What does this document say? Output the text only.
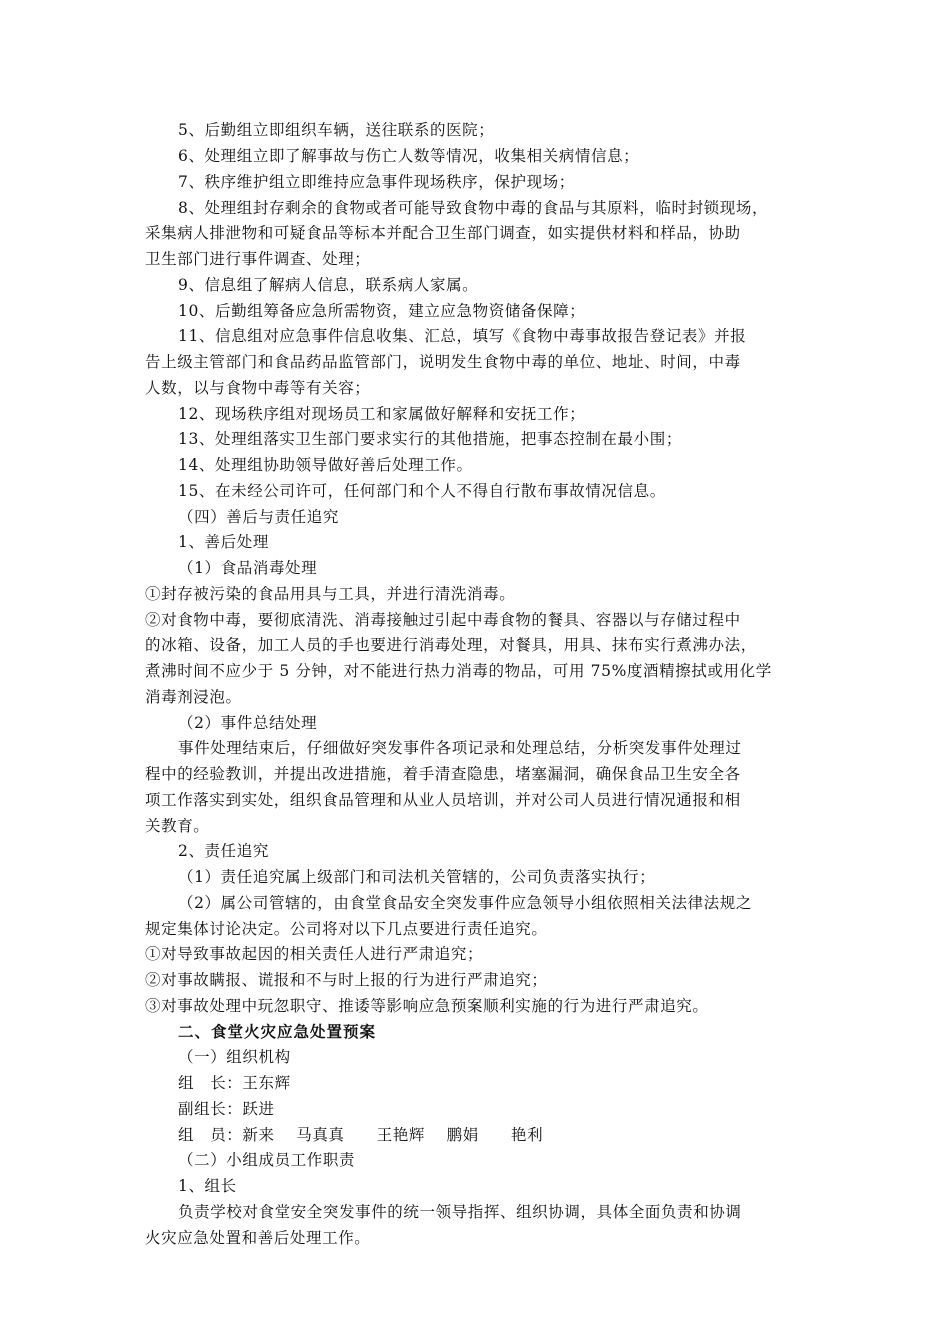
5、后勤组立即组织车辆，送往联系的医院；
6、处理组立即了解事故与伤亡人数等情况，收集相关病情信息；
7、秩序维护组立即维持应急事件现场秩序，保护现场；
8、处理组封存剩余的食物或者可能导致食物中毒的食品与其原料，临时封锁现场，
采集病人排泄物和可疑食品等标本并配合卫生部门调查，如实提供材料和样品，协助
卫生部门进行事件调查、处理；
9、信息组了解病人信息，联系病人家属。
10、后勤组筹备应急所需物资，建立应急物资储备保障；
11、信息组对应急事件信息收集、汇总，填写《食物中毒事故报告登记表》并报
告上级主管部门和食品药品监管部门，说明发生食物中毒的单位、地址、时间，中毒
人数，以与食物中毒等有关容；
12、现场秩序组对现场员工和家属做好解释和安抚工作；
13、处理组落实卫生部门要求实行的其他措施，把事态控制在最小围；
14、处理组协助领导做好善后处理工作。
15、在未经公司许可，任何部门和个人不得自行散布事故情况信息。
（四）善后与责任追究
1、善后处理
（1）食品消毒处理
①封存被污染的食品用具与工具，并进行清洗消毒。
②对食物中毒，要彻底清洗、消毒接触过引起中毒食物的餐具、容器以与存储过程中
的冰箱、设备，加工人员的手也要进行消毒处理，对餐具，用具、抹布实行煮沸办法，
煮沸时间不应少于 5 分钟，对不能进行热力消毒的物品，可用 75%度酒精擦拭或用化学
消毒剂浸泡。
（2）事件总结处理
事件处理结束后，仔细做好突发事件各项记录和处理总结，分析突发事件处理过
程中的经验教训，并提出改进措施，着手清查隐患，堵塞漏洞，确保食品卫生安全各
项工作落实到实处，组织食品管理和从业人员培训，并对公司人员进行情况通报和相
关教育。
2、责任追究
（1）责任追究属上级部门和司法机关管辖的，公司负责落实执行；
（2）属公司管辖的，由食堂食品安全突发事件应急领导小组依照相关法律法规之
规定集体讨论决定。公司将对以下几点要进行责任追究。
①对导致事故起因的相关责任人进行严肃追究；
②对事故瞒报、谎报和不与时上报的行为进行严肃追究；
③对事故处理中玩忽职守、推诿等影响应急预案顺利实施的行为进行严肃追究。
二、食堂火灾应急处置预案
（一）组织机构
组　长：王东辉
副组长：跃进
组　员：新来　 马真真　　王艳辉　 鹏娟　　艳利
（二）小组成员工作职责
1、组长
负责学校对食堂安全突发事件的统一领导指挥、组织协调，具体全面负责和协调
火灾应急处置和善后处理工作。
